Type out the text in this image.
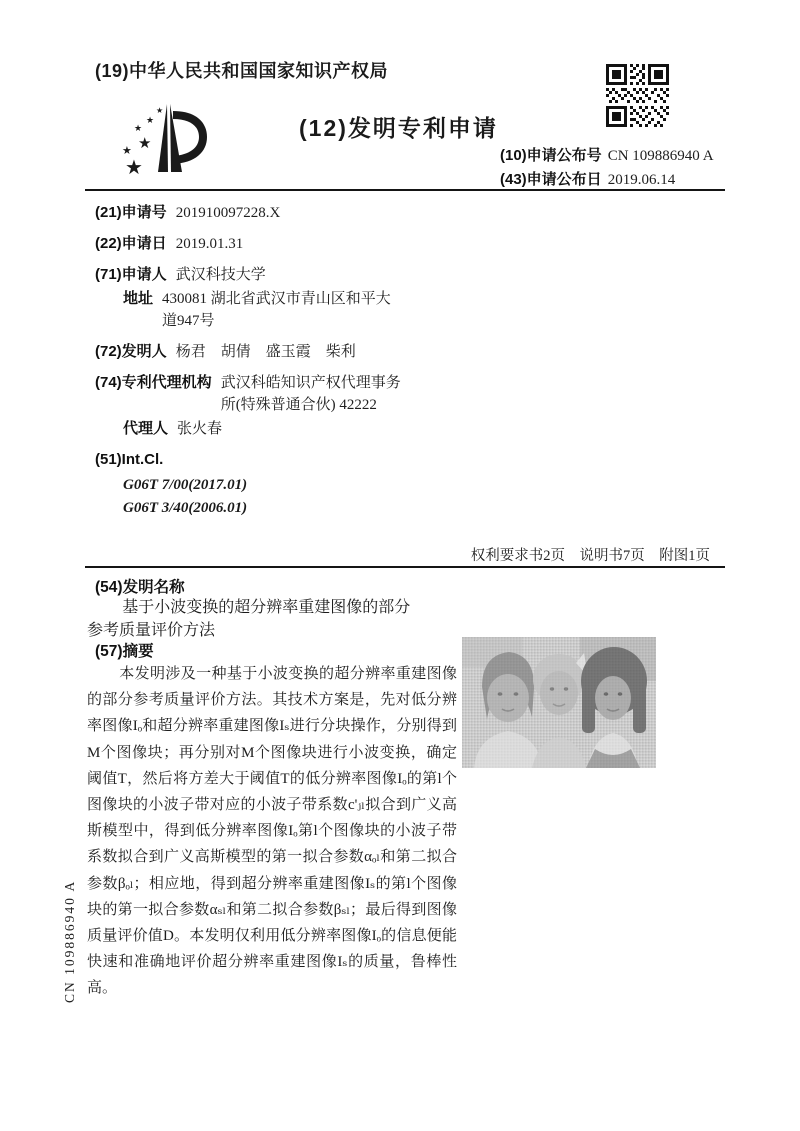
(19)中华人民共和国国家知识产权局
★
★ ★
★
★
★
(12)发明专利申请
(10)申请公布号 CN 109886940 A
(43)申请公布日 2019.06.14
(21)申请号 201910097228.X
(22)申请日 2019.01.31
(71)申请人 武汉科技大学
地址 430081 湖北省武汉市青山区和平大道947号
(72)发明人 杨君　胡倩　盛玉霞　柴利
(74)专利代理机构 武汉科皓知识产权代理事务所(特殊普通合伙) 42222
代理人 张火春
(51)Int.Cl.
G06T 7/00(2017.01)
G06T 3/40(2006.01)
权利要求书2页　说明书7页　附图1页
(54)发明名称

基于小波变换的超分辨率重建图像的部分参考质量评价方法

(57)摘要

本发明涉及一种基于小波变换的超分辨率重建图像的部分参考质量评价方法。其技术方案是，先对低分辨率图像Iₒ和超分辨率重建图像Iₛ进行分块操作，分别得到M个图像块；再分别对M个图像块进行小波变换，确定阈值T，然后将方差大于阈值T的低分辨率图像Iₒ的第l个图像块的小波子带对应的小波子带系数c'ⱼₗ拟合到广义高斯模型中，得到低分辨率图像Iₒ第l个图像块的小波子带系数拟合到广义高斯模型的第一拟合参数αₒₗ和第二拟合参数βₒₗ；相应地，得到超分辨率重建图像Iₛ的第l个图像块的第一拟合参数αₛₗ和第二拟合参数βₛₗ；最后得到图像质量评价值D。本发明仅利用低分辨率图像Iₒ的信息便能快速和准确地评价超分辨率重建图像Iₛ的质量，鲁棒性高。

CN 109886940 A
